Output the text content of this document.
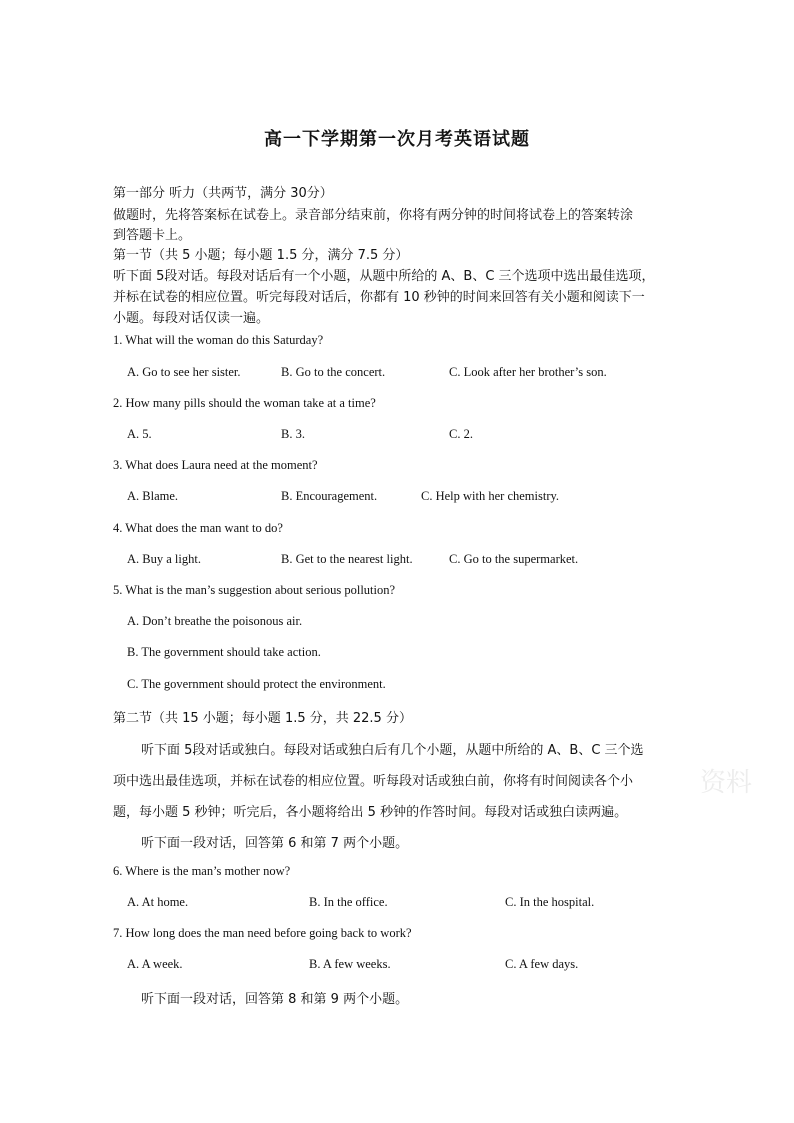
高一下学期第一次月考英语试题
第一部分 听力（共两节，满分 30分）
做题时，先将答案标在试卷上。录音部分结束前，你将有两分钟的时间将试卷上的答案转涂
到答题卡上。
第一节（共 5 小题；每小题 1.5 分，满分 7.5 分）
听下面 5段对话。每段对话后有一个小题，从题中所给的 A、B、C 三个选项中选出最佳选项，
并标在试卷的相应位置。听完每段对话后，你都有 10 秒钟的时间来回答有关小题和阅读下一
小题。每段对话仅读一遍。
1. What will the woman do this Saturday?
A. Go to see her sister.	B. Go to the concert.	C. Look after her brother’s son.
2. How many pills should the woman take at a time?
A. 5.	B. 3.	C. 2.
3. What does Laura need at the moment?
A. Blame.	B. Encouragement.	C. Help with her chemistry.
4. What does the man want to do?
A. Buy a light.	B. Get to the nearest light.	C. Go to the supermarket.
5. What is the man’s suggestion about serious pollution?
A. Don’t breathe the poisonous air.
B. The government should take action.
C. The government should protect the environment.
第二节（共 15 小题；每小题 1.5 分，共 22.5 分）
听下面 5段对话或独白。每段对话或独白后有几个小题，从题中所给的 A、B、C 三个选
项中选出最佳选项，并标在试卷的相应位置。听每段对话或独白前，你将有时间阅读各个小
题，每小题 5 秒钟；听完后，各小题将给出 5 秒钟的作答时间。每段对话或独白读两遍。
资料
听下面一段对话，回答第 6 和第 7 两个小题。
6. Where is the man’s mother now?
A. At home.	B. In the office.	C. In the hospital.
7. How long does the man need before going back to work?
A. A week.	B. A few weeks.	C. A few days.
听下面一段对话，回答第 8 和第 9 两个小题。
